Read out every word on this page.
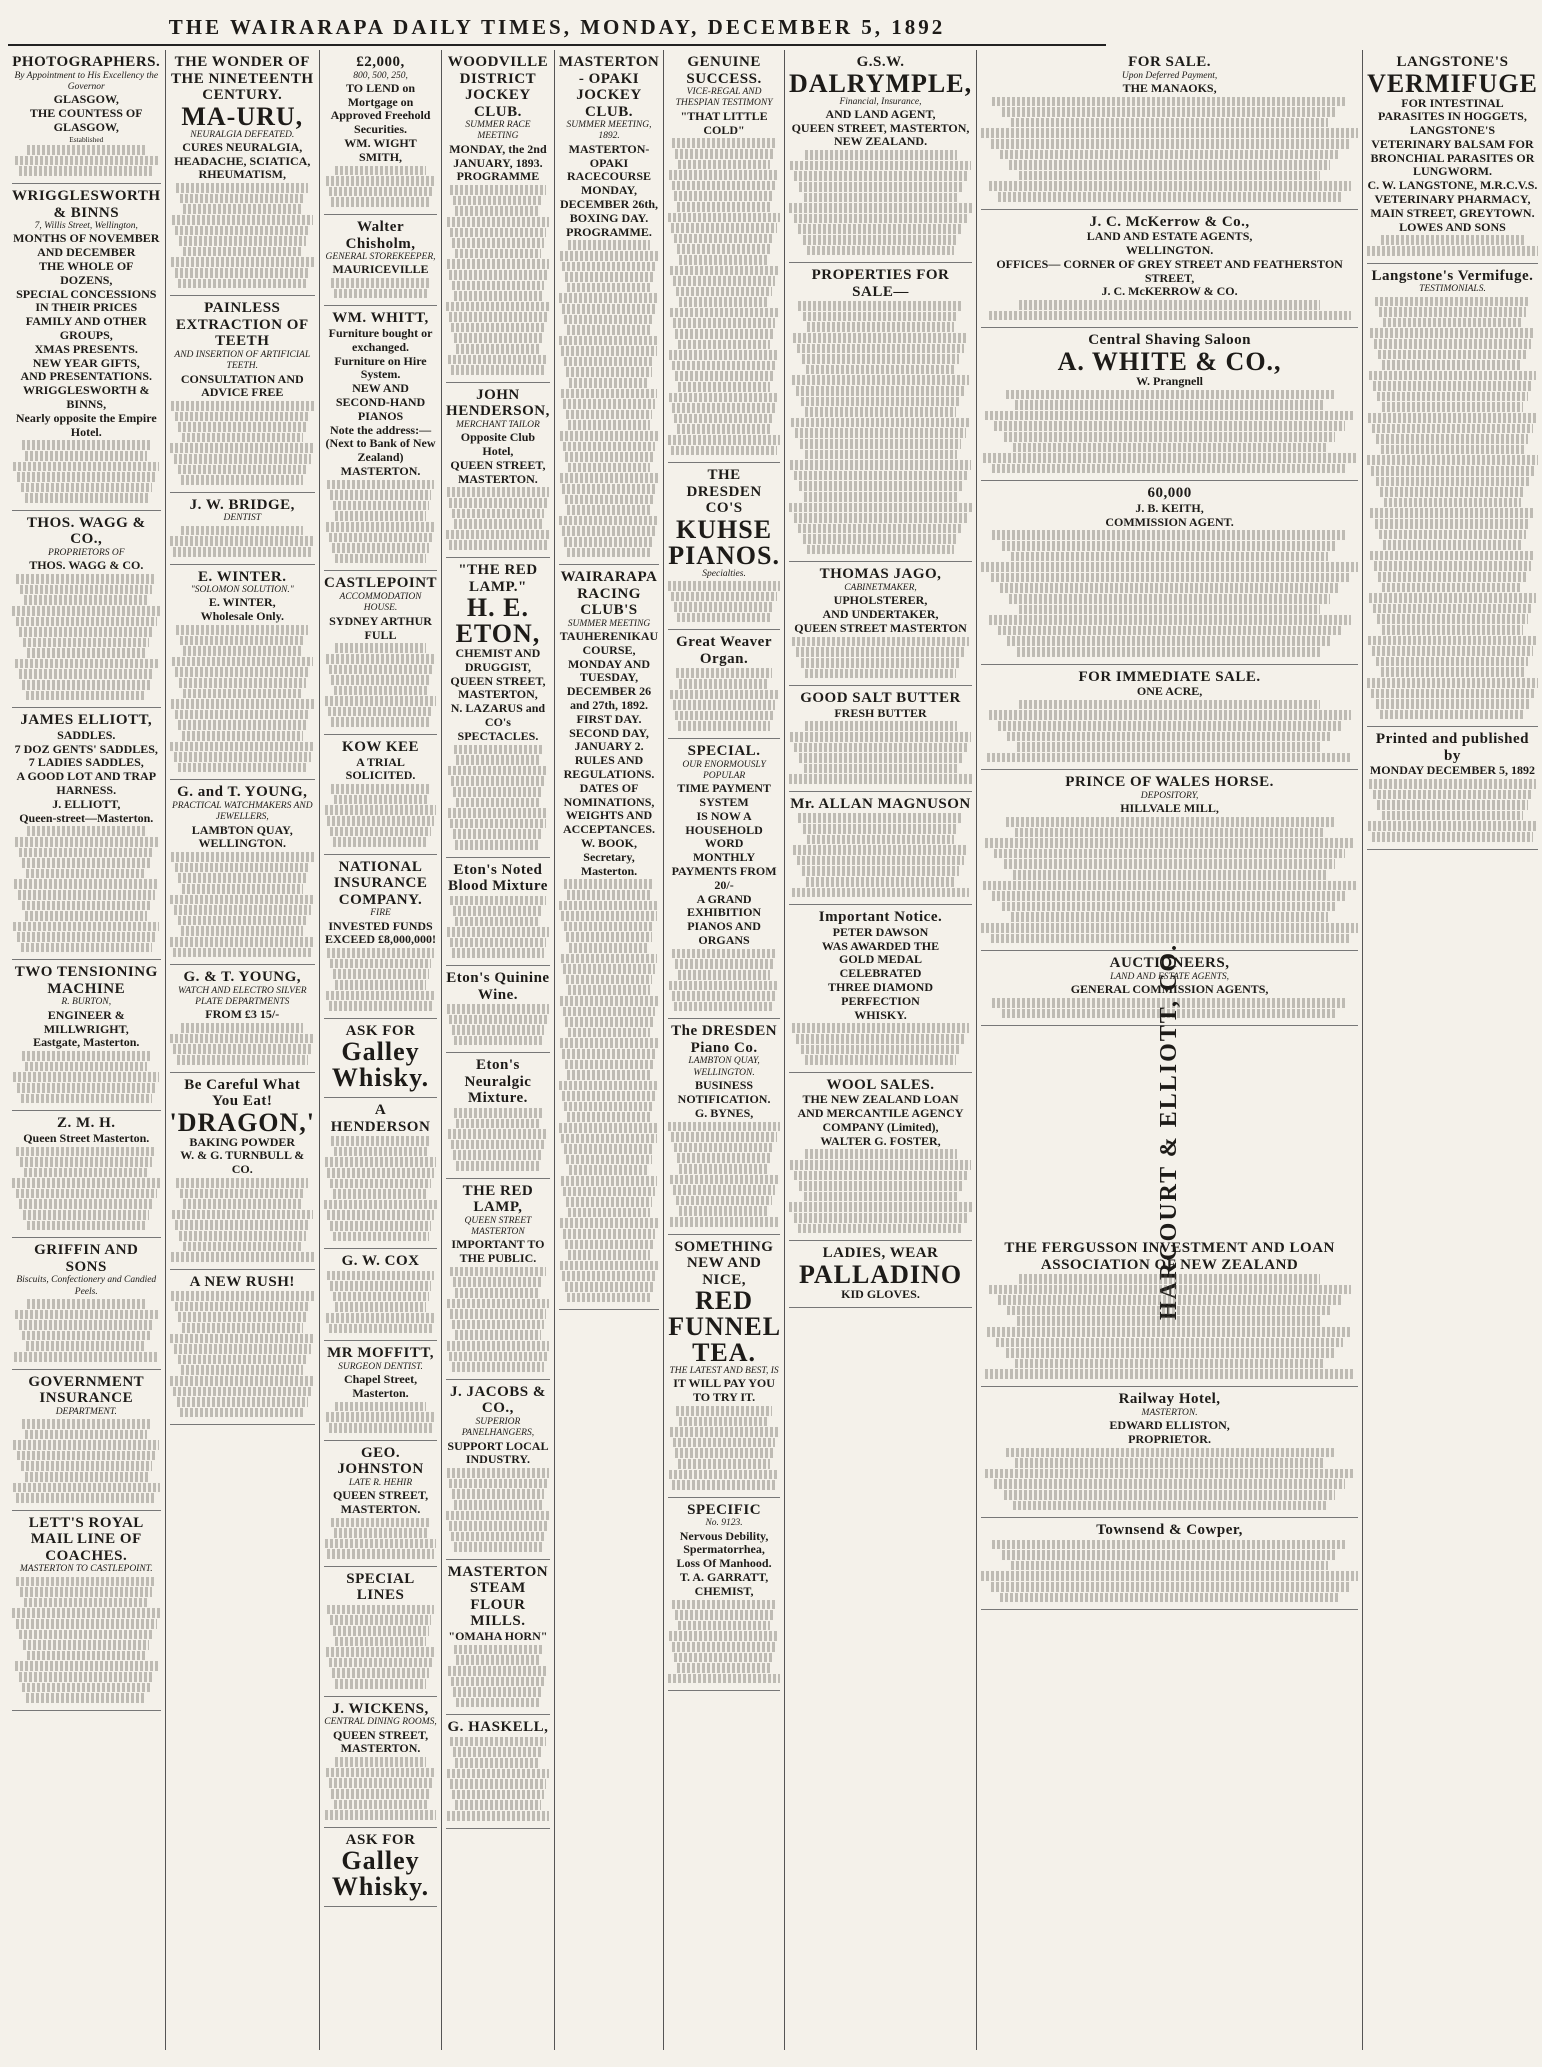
THE WAIRARAPA DAILY TIMES, MONDAY, DECEMBER 5, 1892
PHOTOGRAPHERS.
By Appointment to His Excellency the Governor
GLASGOW,
THE COUNTESS OF GLASGOW,
Established
WRIGGLESWORTH & BINNS
7, Willis Street, Wellington,
MONTHS OF NOVEMBER
AND DECEMBER
THE WHOLE OF DOZENS,
SPECIAL CONCESSIONS
IN THEIR PRICES
FAMILY AND OTHER GROUPS,
XMAS PRESENTS.
NEW YEAR GIFTS,
AND PRESENTATIONS.
WRIGGLESWORTH & BINNS,
Nearly opposite the Empire Hotel.
THOS. WAGG & CO.,
PROPRIETORS OF
THOS. WAGG & CO.
JAMES ELLIOTT,
SADDLES.
7 DOZ GENTS' SADDLES,
7 LADIES SADDLES,
A GOOD LOT AND TRAP HARNESS.
J. ELLIOTT,
Queen-street—Masterton.
TWO TENSIONING MACHINE
R. BURTON,
ENGINEER & MILLWRIGHT,
Eastgate, Masterton.
Z. M. H.
Queen Street Masterton.
GRIFFIN AND SONS
Biscuits, Confectionery and Candied Peels.
GOVERNMENT INSURANCE
DEPARTMENT.
LETT'S ROYAL MAIL LINE OF COACHES.
MASTERTON TO CASTLEPOINT.
THE WONDER OF THE NINETEENTH CENTURY.
MA-URU,
NEURALGIA DEFEATED.
CURES NEURALGIA, HEADACHE, SCIATICA, RHEUMATISM,
PAINLESS EXTRACTION OF TEETH
AND INSERTION OF ARTIFICIAL TEETH.
CONSULTATION AND ADVICE FREE
J. W. BRIDGE,
DENTIST
E. WINTER.
"SOLOMON SOLUTION."
E. WINTER,
Wholesale Only.
G. and T. YOUNG,
PRACTICAL WATCHMAKERS AND JEWELLERS,
LAMBTON QUAY, WELLINGTON.
G. & T. YOUNG,
WATCH AND ELECTRO SILVER PLATE DEPARTMENTS
FROM £3 15/-
Be Careful What You Eat!
'DRAGON,'
BAKING POWDER
W. & G. TURNBULL & CO.
A NEW RUSH!
£2,000,
800, 500, 250,
TO LEND on Mortgage on Approved Freehold Securities.
WM. WIGHT SMITH,
Walter Chisholm,
GENERAL STOREKEEPER,
MAURICEVILLE
WM. WHITT,
Furniture bought or exchanged.
Furniture on Hire System.
NEW AND SECOND-HAND PIANOS
Note the address:—
(Next to Bank of New Zealand)
MASTERTON.
CASTLEPOINT
ACCOMMODATION HOUSE.
SYDNEY ARTHUR FULL
KOW KEE
A TRIAL SOLICITED.
NATIONAL INSURANCE COMPANY.
FIRE
INVESTED FUNDS EXCEED £8,000,000!
ASK FOR
Galley Whisky.
A HENDERSON
G. W. COX
MR MOFFITT,
SURGEON DENTIST.
Chapel Street, Masterton.
GEO. JOHNSTON
LATE R. HEHIR
QUEEN STREET, MASTERTON.
SPECIAL LINES
J. WICKENS,
CENTRAL DINING ROOMS,
QUEEN STREET, MASTERTON.
ASK FOR
Galley Whisky.
WOODVILLE DISTRICT JOCKEY CLUB.
SUMMER RACE MEETING
MONDAY, the 2nd JANUARY, 1893.
PROGRAMME
JOHN HENDERSON,
MERCHANT TAILOR
Opposite Club Hotel,
QUEEN STREET, MASTERTON.
"THE RED LAMP."
H. E. ETON,
CHEMIST AND DRUGGIST,
QUEEN STREET, MASTERTON,
N. LAZARUS and CO's SPECTACLES.
Eton's Noted Blood Mixture
Eton's Quinine Wine.
Eton's Neuralgic Mixture.
THE RED LAMP,
QUEEN STREET MASTERTON
IMPORTANT TO THE PUBLIC.
J. JACOBS & CO.,
SUPERIOR PANELHANGERS,
SUPPORT LOCAL INDUSTRY.
MASTERTON STEAM FLOUR MILLS.
"OMAHA HORN"
G. HASKELL,
MASTERTON - OPAKI JOCKEY CLUB.
SUMMER MEETING, 1892.
MASTERTON-OPAKI RACECOURSE
MONDAY, DECEMBER 26th,
BOXING DAY.
PROGRAMME.
WAIRARAPA RACING CLUB'S
SUMMER MEETING
TAUHERENIKAU COURSE,
MONDAY AND TUESDAY,
DECEMBER 26 and 27th, 1892.
FIRST DAY.
SECOND DAY, JANUARY 2.
RULES AND REGULATIONS.
DATES OF NOMINATIONS, WEIGHTS AND ACCEPTANCES.
W. BOOK, Secretary,
Masterton.
GENUINE SUCCESS.
VICE-REGAL AND THESPIAN TESTIMONY
"THAT LITTLE COLD"
THE DRESDEN CO'S
KUHSE PIANOS.
Specialties.
Great Weaver Organ.
SPECIAL.
OUR ENORMOUSLY POPULAR
TIME PAYMENT SYSTEM
IS NOW A HOUSEHOLD WORD
MONTHLY PAYMENTS FROM 20/-
A GRAND EXHIBITION
PIANOS AND ORGANS
The DRESDEN Piano Co.
LAMBTON QUAY, WELLINGTON.
BUSINESS NOTIFICATION.
G. BYNES,
SOMETHING NEW AND NICE,
RED FUNNEL TEA.
THE LATEST AND BEST, IS
IT WILL PAY YOU TO TRY IT.
SPECIFIC
No. 9123.
Nervous Debility,
Spermatorrhea,
Loss Of Manhood.
T. A. GARRATT,
CHEMIST,
G.S.W.
DALRYMPLE,
Financial, Insurance,
AND LAND AGENT,
QUEEN STREET, MASTERTON, NEW ZEALAND.
PROPERTIES FOR SALE—
THOMAS JAGO,
CABINETMAKER,
UPHOLSTERER,
AND UNDERTAKER,
QUEEN STREET MASTERTON
GOOD SALT BUTTER
FRESH BUTTER
Mr. ALLAN MAGNUSON
Important Notice.
PETER DAWSON
WAS AWARDED THE
GOLD MEDAL
CELEBRATED
THREE DIAMOND
PERFECTION
WHISKY.
WOOL SALES.
THE NEW ZEALAND LOAN AND MERCANTILE AGENCY COMPANY (Limited),
WALTER G. FOSTER,
LADIES, WEAR
PALLADINO
KID GLOVES.
FOR SALE.
Upon Deferred Payment,
THE MANAOKS,
J. C. McKerrow & Co.,
LAND AND ESTATE AGENTS,
WELLINGTON.
OFFICES— CORNER OF GREY STREET AND FEATHERSTON STREET,
J. C. McKERROW & CO.
Central Shaving Saloon
A. WHITE & CO.,
W. Prangnell
60,000
J. B. KEITH,
COMMISSION AGENT.
FOR IMMEDIATE SALE.
ONE ACRE,
PRINCE OF WALES HORSE.
DEPOSITORY,
HILLVALE MILL,
AUCTIONEERS,
LAND AND ESTATE AGENTS,
GENERAL COMMISSION AGENTS,
HARCOURT & ELLIOTT, CO.
THE FERGUSSON INVESTMENT AND LOAN ASSOCIATION OF NEW ZEALAND
Railway Hotel,
MASTERTON.
EDWARD ELLISTON,
PROPRIETOR.
Townsend & Cowper,
LANGSTONE'S
VERMIFUGE
FOR INTESTINAL PARASITES IN HOGGETS,
LANGSTONE'S
VETERINARY BALSAM FOR
BRONCHIAL PARASITES OR LUNGWORM.
C. W. LANGSTONE, M.R.C.V.S.
VETERINARY PHARMACY,
MAIN STREET, GREYTOWN.
LOWES AND SONS
Langstone's Vermifuge.
TESTIMONIALS.
Printed and published by
MONDAY DECEMBER 5, 1892
